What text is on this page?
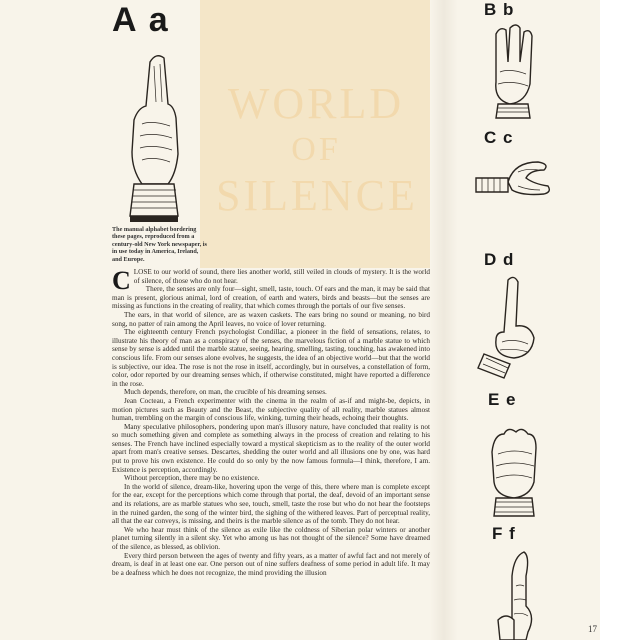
WORLD
OF
SILENCE
A a
The manual alphabet bordering these pages, reproduced from a century-old New York newspaper, is in use today in America, Ireland, and Europe.

CLOSE to our world of sound, there lies another world, still veiled in clouds of mystery. It is the world of silence, of those who do not hear.

There, the senses are only four—sight, smell, taste, touch. Of ears and the man, it may be said that man is present, glorious animal, lord of creation, of earth and waters, birds and beasts—but the senses are missing as functions in the creating of reality, that which comes through the portals of our five senses.

The ears, in that world of silence, are as waxen caskets. The ears bring no sound or meaning, no bird song, no patter of rain among the April leaves, no voice of lover returning.

The eighteenth century French psychologist Condillac, a pioneer in the field of sensations, relates, to illustrate his theory of man as a conspiracy of the senses, the marvelous fiction of a marble statue to which sense by sense is added until the marble statue, seeing, hearing, smelling, tasting, touching, has awakened into conscious life. From our senses alone evolves, he suggests, the idea of an objective world—but that the world is subjective, our idea. The rose is not the rose in itself, accordingly, but in ourselves, a constellation of form, color, odor reported by our dreaming senses which, if otherwise constituted, might have reported a difference in the rose.

Much depends, therefore, on man, the crucible of his dreaming senses.

Jean Cocteau, a French experimenter with the cinema in the realm of as-if and might-be, depicts, in motion pictures such as Beauty and the Beast, the subjective quality of all reality, marble statues almost human, trembling on the margin of conscious life, winking, turning their heads, echoing their thoughts.

Many speculative philosophers, pondering upon man's illusory nature, have concluded that reality is not so much something given and complete as something always in the process of creation and relating to his senses. The French have inclined especially toward a mystical skepticism as to the reality of the outer world apart from man's creative senses. Descartes, shedding the outer world and all illusions one by one, was hard put to prove his own existence. He could do so only by the now famous formula—I think, therefore, I am. Existence is perception, accordingly.

Without perception, there may be no existence.

In the world of silence, dream-like, hovering upon the verge of this, there where man is complete except for the ear, except for the perceptions which come through that portal, the deaf, devoid of an important sense and its relations, are as marble statues who see, touch, smell, taste the rose but who do not hear the footsteps in the ruined garden, the song of the winter bird, the sighing of the withered leaves. Part of perceptual reality, all that the ear conveys, is missing, and theirs is the marble silence as of the tomb. They do not hear.

We who hear must think of the silence as exile like the coldness of Siberian polar winters or another planet turning silently in a silent sky. Yet who among us has not thought of the silence? Some have dreamed of the silence, as blessed, as oblivion.

Every third person between the ages of twenty and fifty years, as a matter of awful fact and not merely of dream, is deaf in at least one ear. One person out of nine suffers deafness of some period in adult life. It may be a deafness which he does not recognize, the mind providing the illusion

B b
C c
D d
E e
F f
17
